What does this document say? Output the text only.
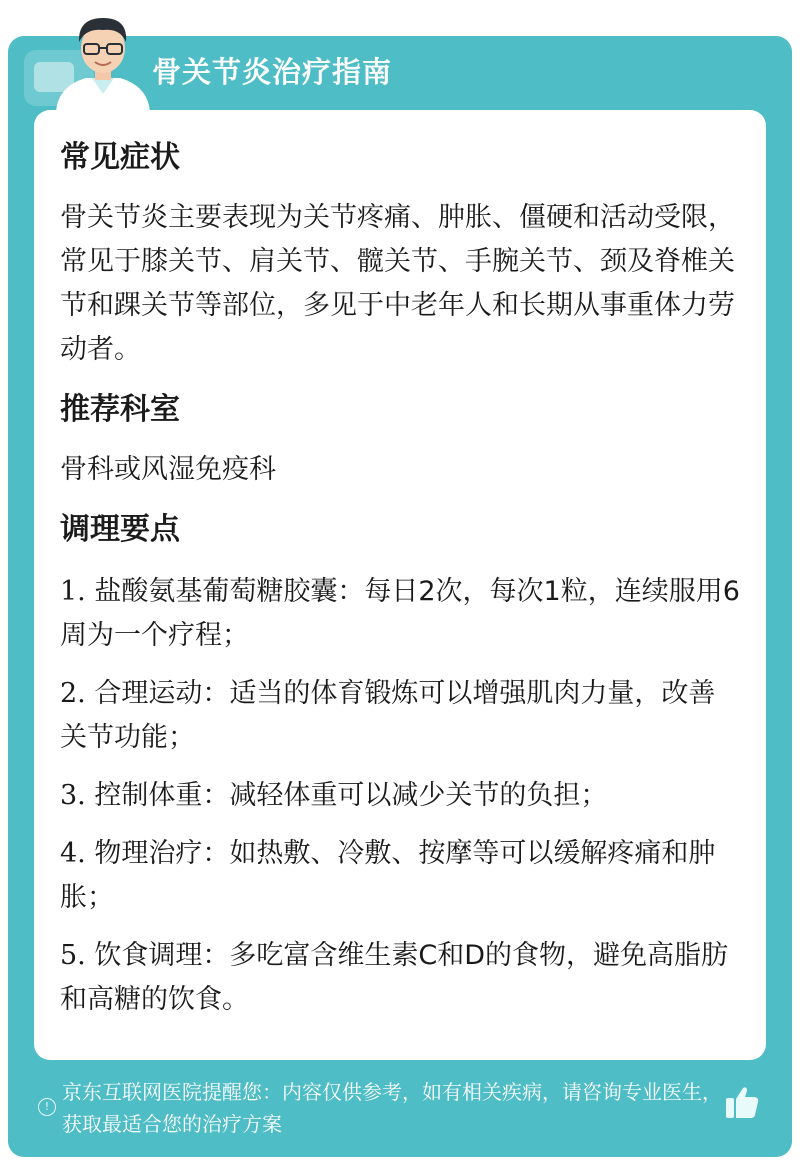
骨关节炎治疗指南
常见症状

骨关节炎主要表现为关节疼痛、肿胀、僵硬和活动受限，常见于膝关节、肩关节、髋关节、手腕关节、颈及脊椎关节和踝关节等部位，多见于中老年人和长期从事重体力劳动者。

推荐科室

骨科或风湿免疫科

调理要点

1. 盐酸氨基葡萄糖胶囊：每日2次，每次1粒，连续服用6周为一个疗程；

2. 合理运动：适当的体育锻炼可以增强肌肉力量，改善关节功能；

3. 控制体重：减轻体重可以减少关节的负担；

4. 物理治疗：如热敷、冷敷、按摩等可以缓解疼痛和肿胀；

5. 饮食调理：多吃富含维生素C和D的食物，避免高脂肪和高糖的饮食。

!
京东互联网医院提醒您：内容仅供参考，如有相关疾病，请咨询专业医生，获取最适合您的治疗方案
